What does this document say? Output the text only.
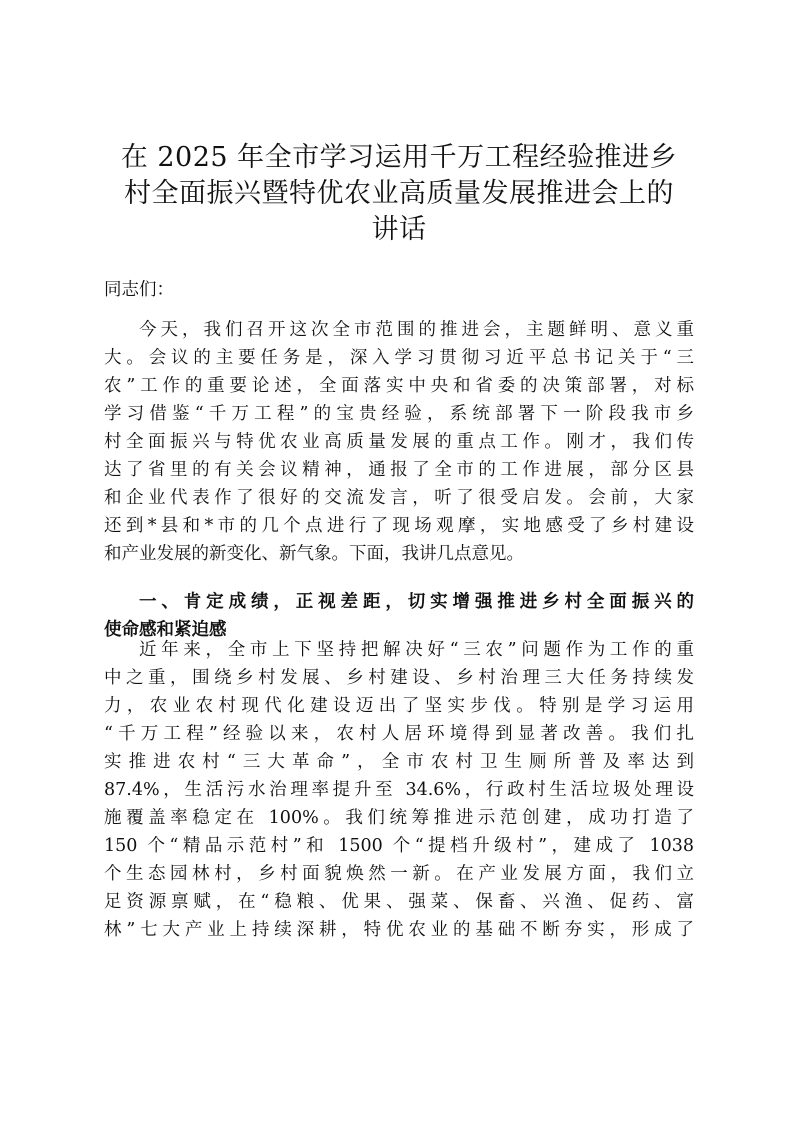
在 2025 年全市学习运用千万工程经验推进乡
村全面振兴暨特优农业高质量发展推进会上的
讲话

同志们：

今天，我们召开这次全市范围的推进会，主题鲜明、意义重
大。会议的主要任务是，深入学习贯彻习近平总书记关于“三
农”工作的重要论述，全面落实中央和省委的决策部署，对标
学习借鉴“千万工程”的宝贵经验，系统部署下一阶段我市乡
村全面振兴与特优农业高质量发展的重点工作。刚才，我们传
达了省里的有关会议精神，通报了全市的工作进展，部分区县
和企业代表作了很好的交流发言，听了很受启发。会前，大家
还到*县和*市的几个点进行了现场观摩，实地感受了乡村建设
和产业发展的新变化、新气象。下面，我讲几点意见。
一、肯定成绩，正视差距，切实增强推进乡村全面振兴的
使命感和紧迫感
近年来，全市上下坚持把解决好“三农”问题作为工作的重
中之重，围绕乡村发展、乡村建设、乡村治理三大任务持续发
力，农业农村现代化建设迈出了坚实步伐。特别是学习运用
“千万工程”经验以来，农村人居环境得到显著改善。我们扎
实推进农村“三大革命”，全市农村卫生厕所普及率达到
87.4%，生活污水治理率提升至 34.6%，行政村生活垃圾处理设
施覆盖率稳定在 100%。我们统筹推进示范创建，成功打造了
150 个“精品示范村”和 1500 个“提档升级村”，建成了 1038
个生态园林村，乡村面貌焕然一新。在产业发展方面，我们立
足资源禀赋，在“稳粮、优果、强菜、保畜、兴渔、促药、富
林”七大产业上持续深耕，特优农业的基础不断夯实，形成了
